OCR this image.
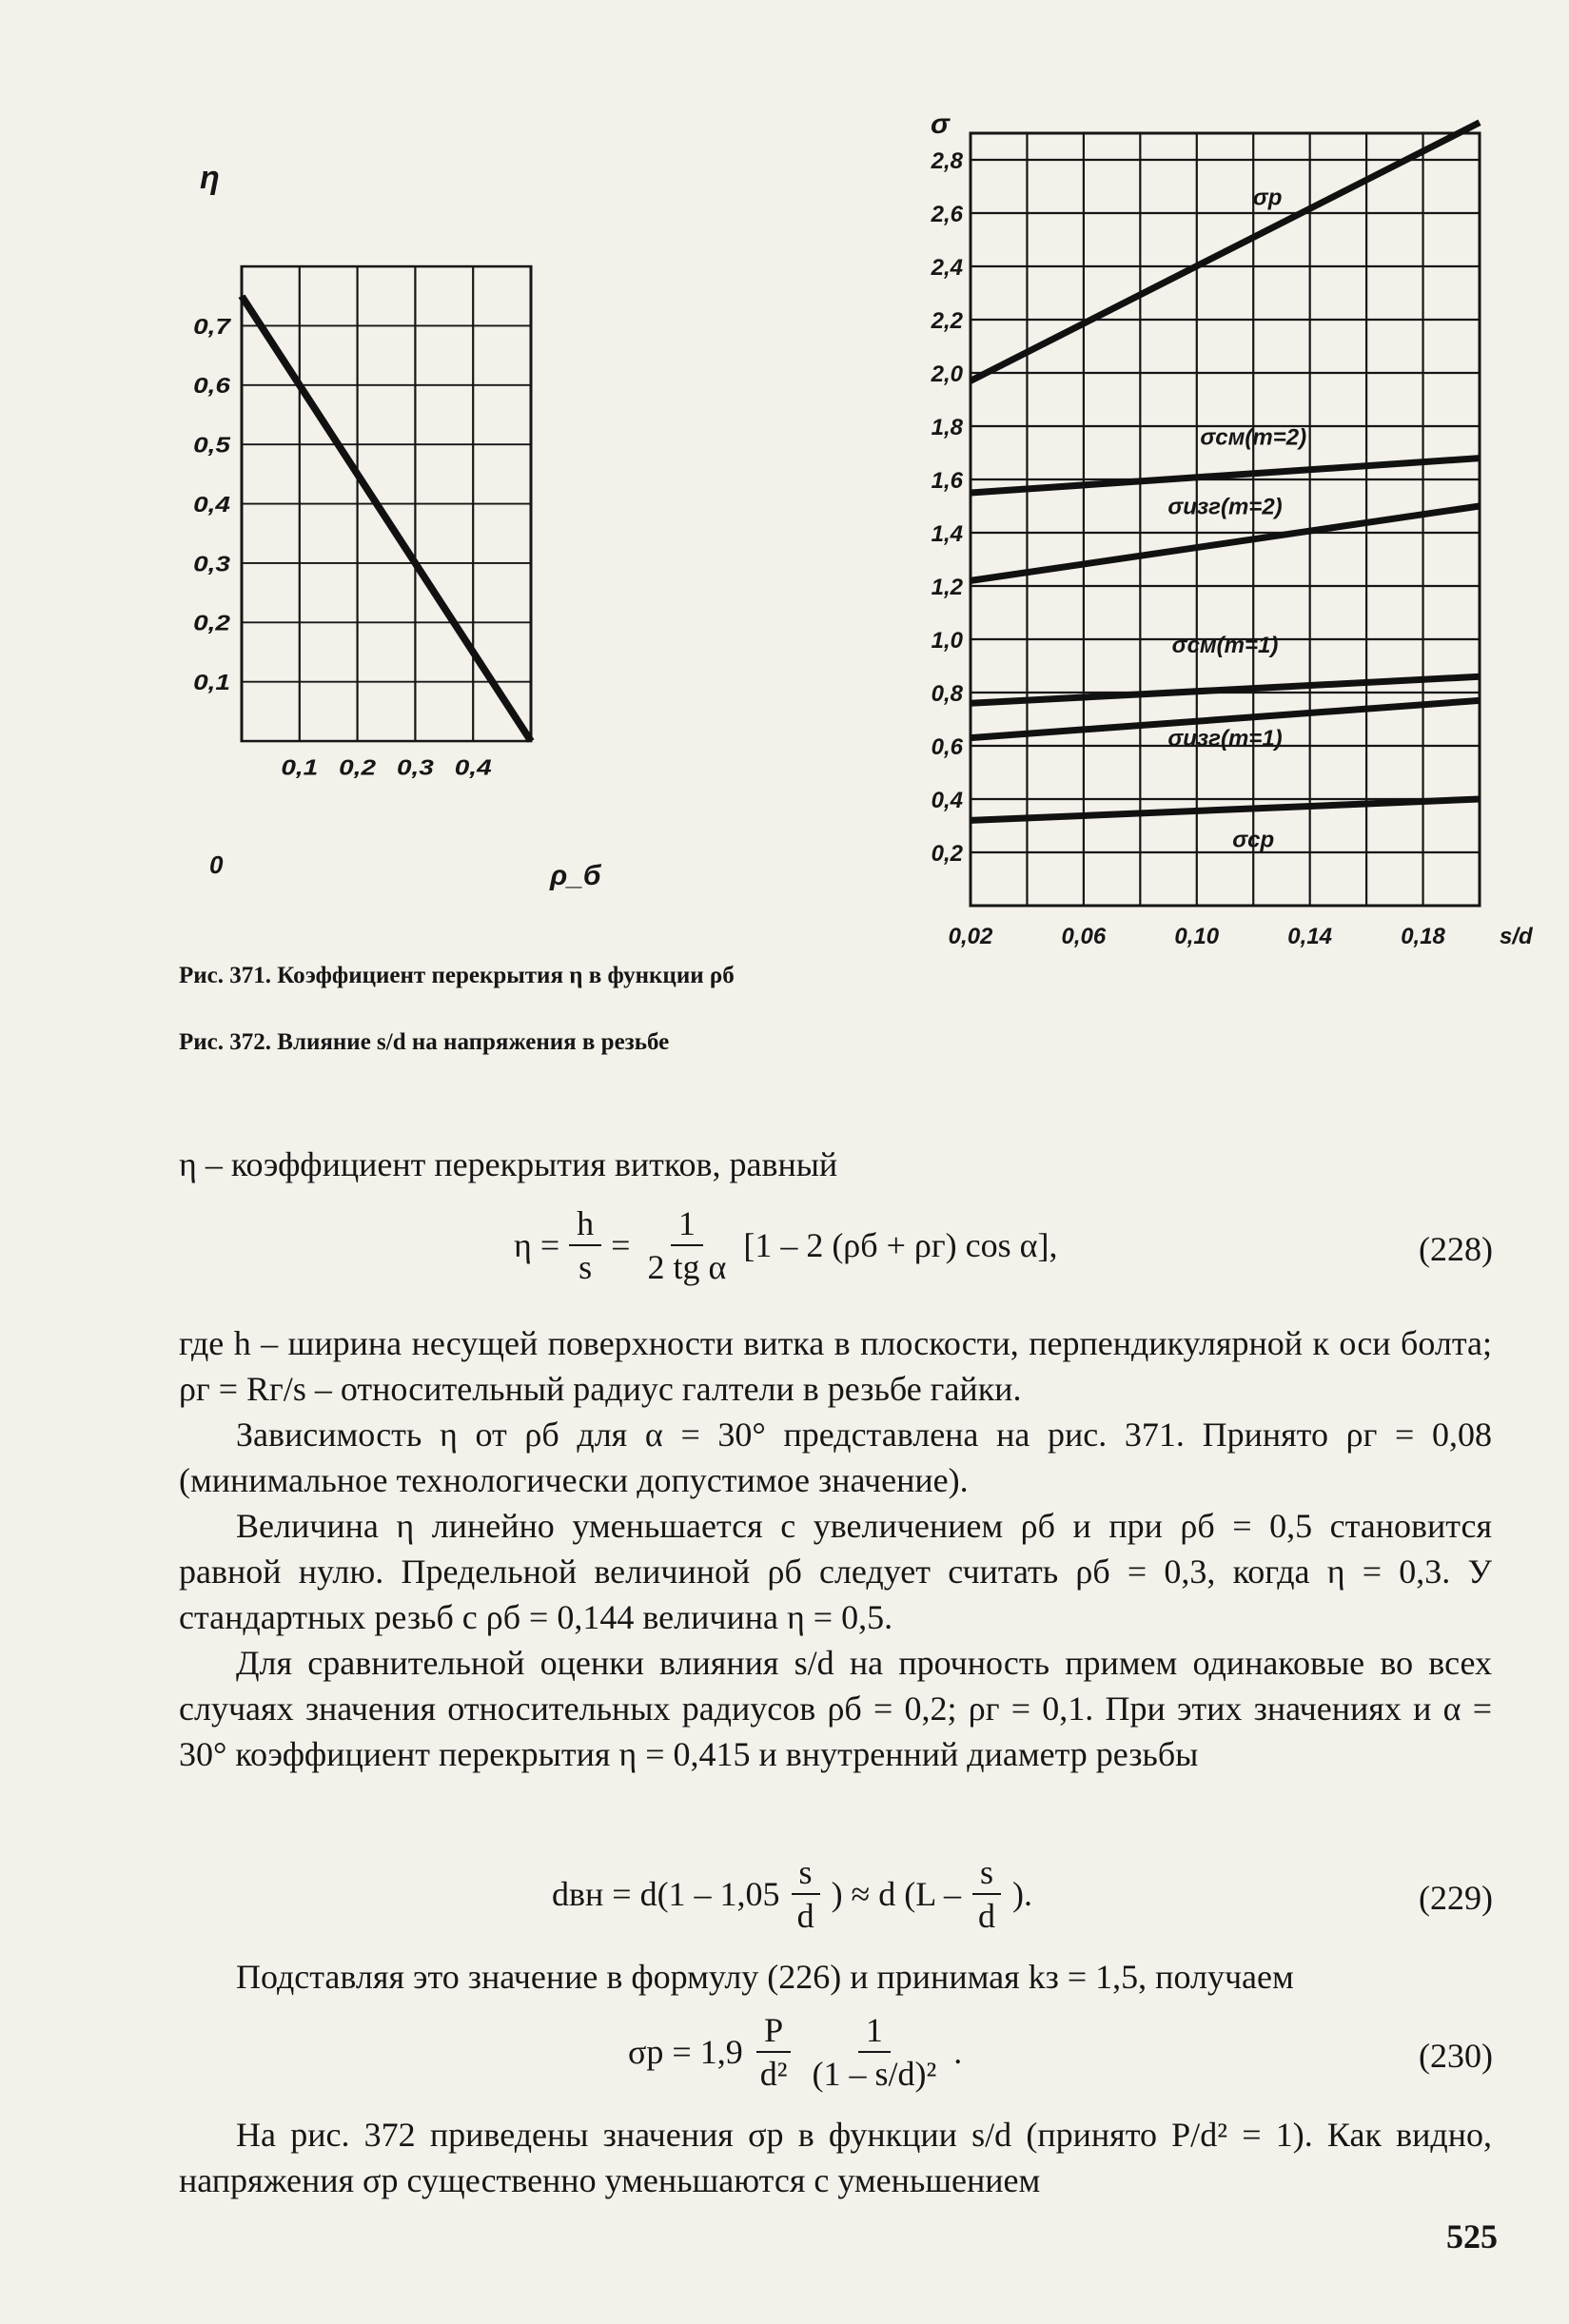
η
ρ_б
0
0,1 0,2 0,3 0,4
0,1
0,2
0,3
0,4
0,5
0,6
0,7
0,02	0,06	0,10	0,14	0,18
0,2
0,4
0,6
0,8
1,0
1,2
1,4
1,6
1,8
2,0
2,2
2,4
2,6
2,8
σр
σсм(m=2)
σизг(m=2)
σсм(m=1)
σизг(m=1)
σср
σ
s/d
Рис. 371. Коэффициент перекрытия η в функции ρб
Рис. 372. Влияние s/d на напряжения в резьбе
η – коэффициент перекрытия витков, равный
$\eta = \frac{h}{s} = \frac{1}{\text{2 tg α}} [1 - 2$ (ρб + ρг) cos α],	(228)
где h – ширина несущей поверхности витка в плоскости, перпендикулярной к оси болта; ρг = Rг/s – относительный радиус галтели в резьбе гайки.
Зависимость η от ρб для α = 30° представлена на рис. 371. Принято ρг = 0,08 (минимальное технологически допустимое значение).
Величина η линейно уменьшается с увеличением ρб и при ρб = 0,5 становится равной нулю. Предельной величиной ρб следует считать ρб = 0,3, когда η = 0,3. У стандартных резьб с ρб = 0,144 величина η = 0,5.
Для сравнительной оценки влияния s/d на прочность примем одинаковые во всех случаях значения относительных радиусов ρб = 0,2; ρг = 0,1. При этих значениях и α = 30° коэффициент перекрытия η = 0,415 и внутренний диаметр резьбы
dвн = $d(1 - 1,05 \frac{s}{d}$ ) ≈ d ($L - \frac{s}{d}$ ).	(229)
Подставляя это значение в формулу (226) и принимая kз = 1,5, получаем
$\sigma р = 1,9 \frac{P}{\text{d²}} \frac{1}{\text{(1 – s/d)²}}$ .	(230)
На рис. 372 приведены значения σр в функции s/d (принято P/d² = 1). Как видно, напряжения σр существенно уменьшаются с уменьшением
525
